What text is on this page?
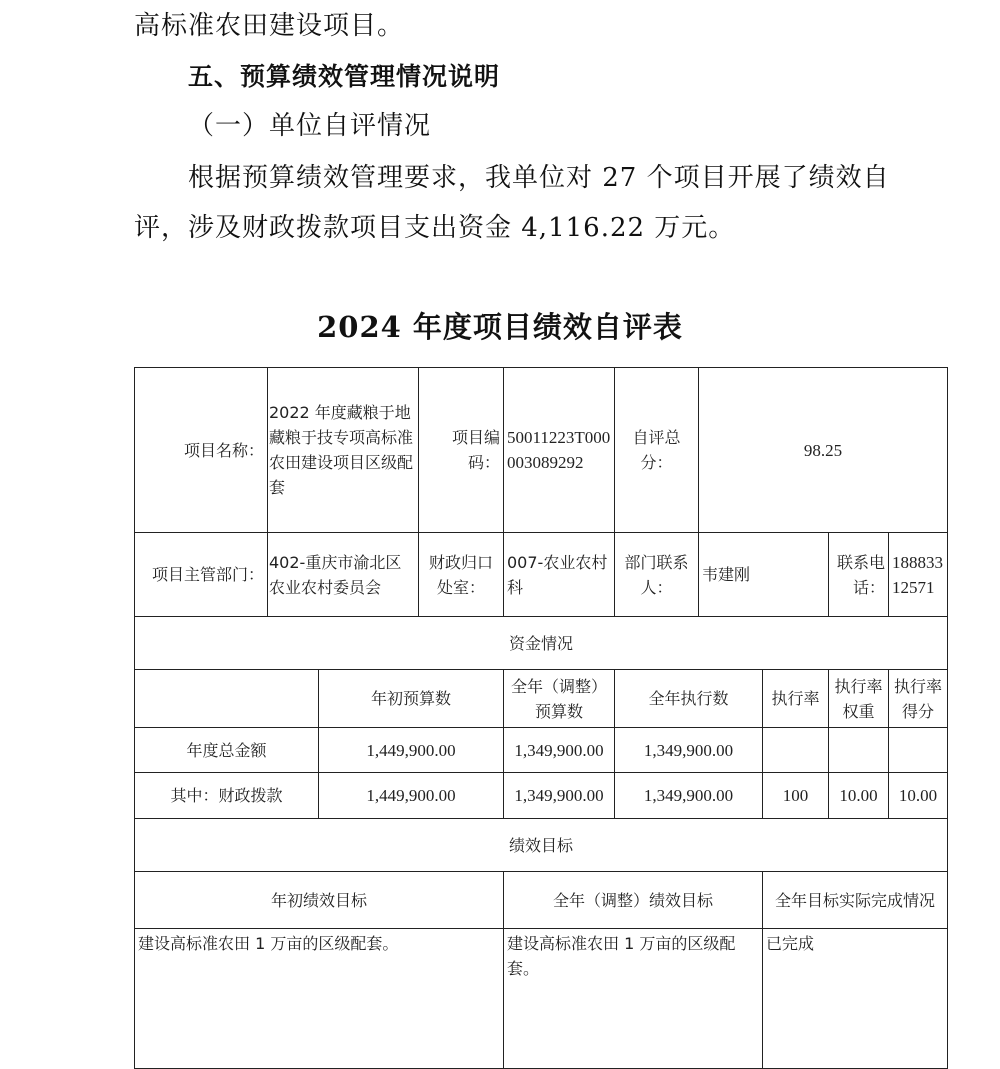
高标准农田建设项目。

五、预算绩效管理情况说明

（一）单位自评情况

根据预算绩效管理要求，我单位对 27 个项目开展了绩效自

评，涉及财政拨款项目支出资金 4,116.22 万元。

2024 年度项目绩效自评表
项目名称：	2022 年度藏粮于地藏粮于技专项高标准农田建设项目区级配套		项目编码：	50011223T000003089292	自评总分：	98.25			
项目主管部门：	402-重庆市渝北区农业农村委员会		财政归口处室：	007-农业农村科	部门联系人：	韦建刚		联系电话：	18883312571
资金情况									
		年初预算数		全年（调整）预算数	全年执行数		执行率	执行率权重	执行率得分
年度总金额		1,449,900.00		1,349,900.00	1,349,900.00				
其中：财政拨款		1,449,900.00		1,349,900.00	1,349,900.00		100	10.00	10.00
绩效目标									
年初绩效目标				全年（调整）绩效目标			全年目标实际完成情况		
建设高标准农田 1 万亩的区级配套。				建设高标准农田 1 万亩的区级配套。			已完成		
